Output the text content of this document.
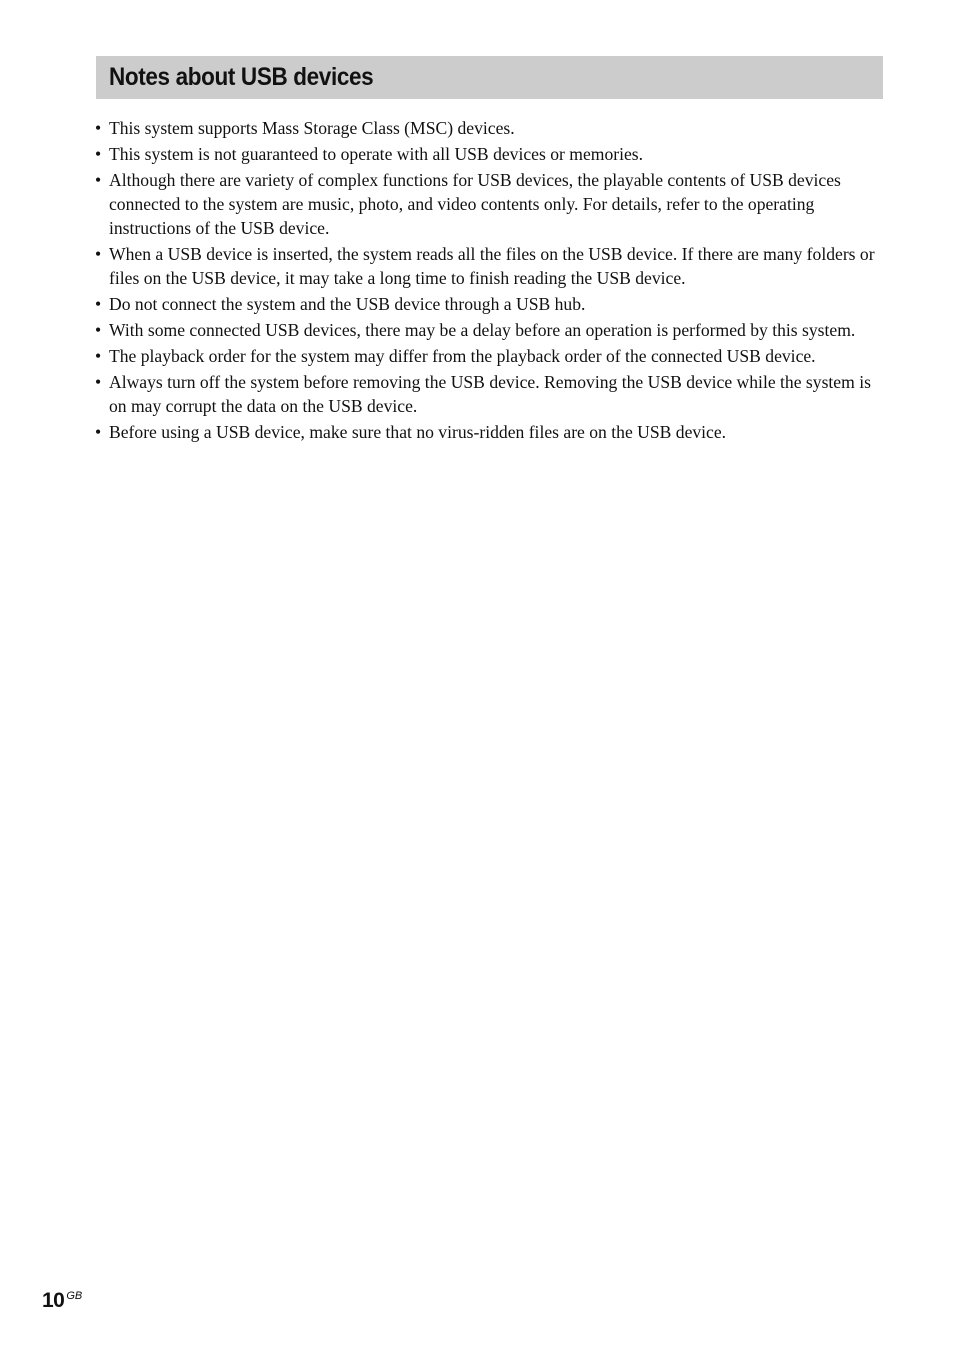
Notes about USB devices
• This system supports Mass Storage Class (MSC) devices.
• This system is not guaranteed to operate with all USB devices or memories.
• Although there are variety of complex functions for USB devices, the playable contents of USB devices connected to the system are music, photo, and video contents only. For details, refer to the operating instructions of the USB device.
• When a USB device is inserted, the system reads all the files on the USB device. If there are many folders or files on the USB device, it may take a long time to finish reading the USB device.
• Do not connect the system and the USB device through a USB hub.
• With some connected USB devices, there may be a delay before an operation is performed by this system.
• The playback order for the system may differ from the playback order of the connected USB device.
• Always turn off the system before removing the USB device. Removing the USB device while the system is on may corrupt the data on the USB device.
• Before using a USB device, make sure that no virus-ridden files are on the USB device.
10 $^{GB}$
